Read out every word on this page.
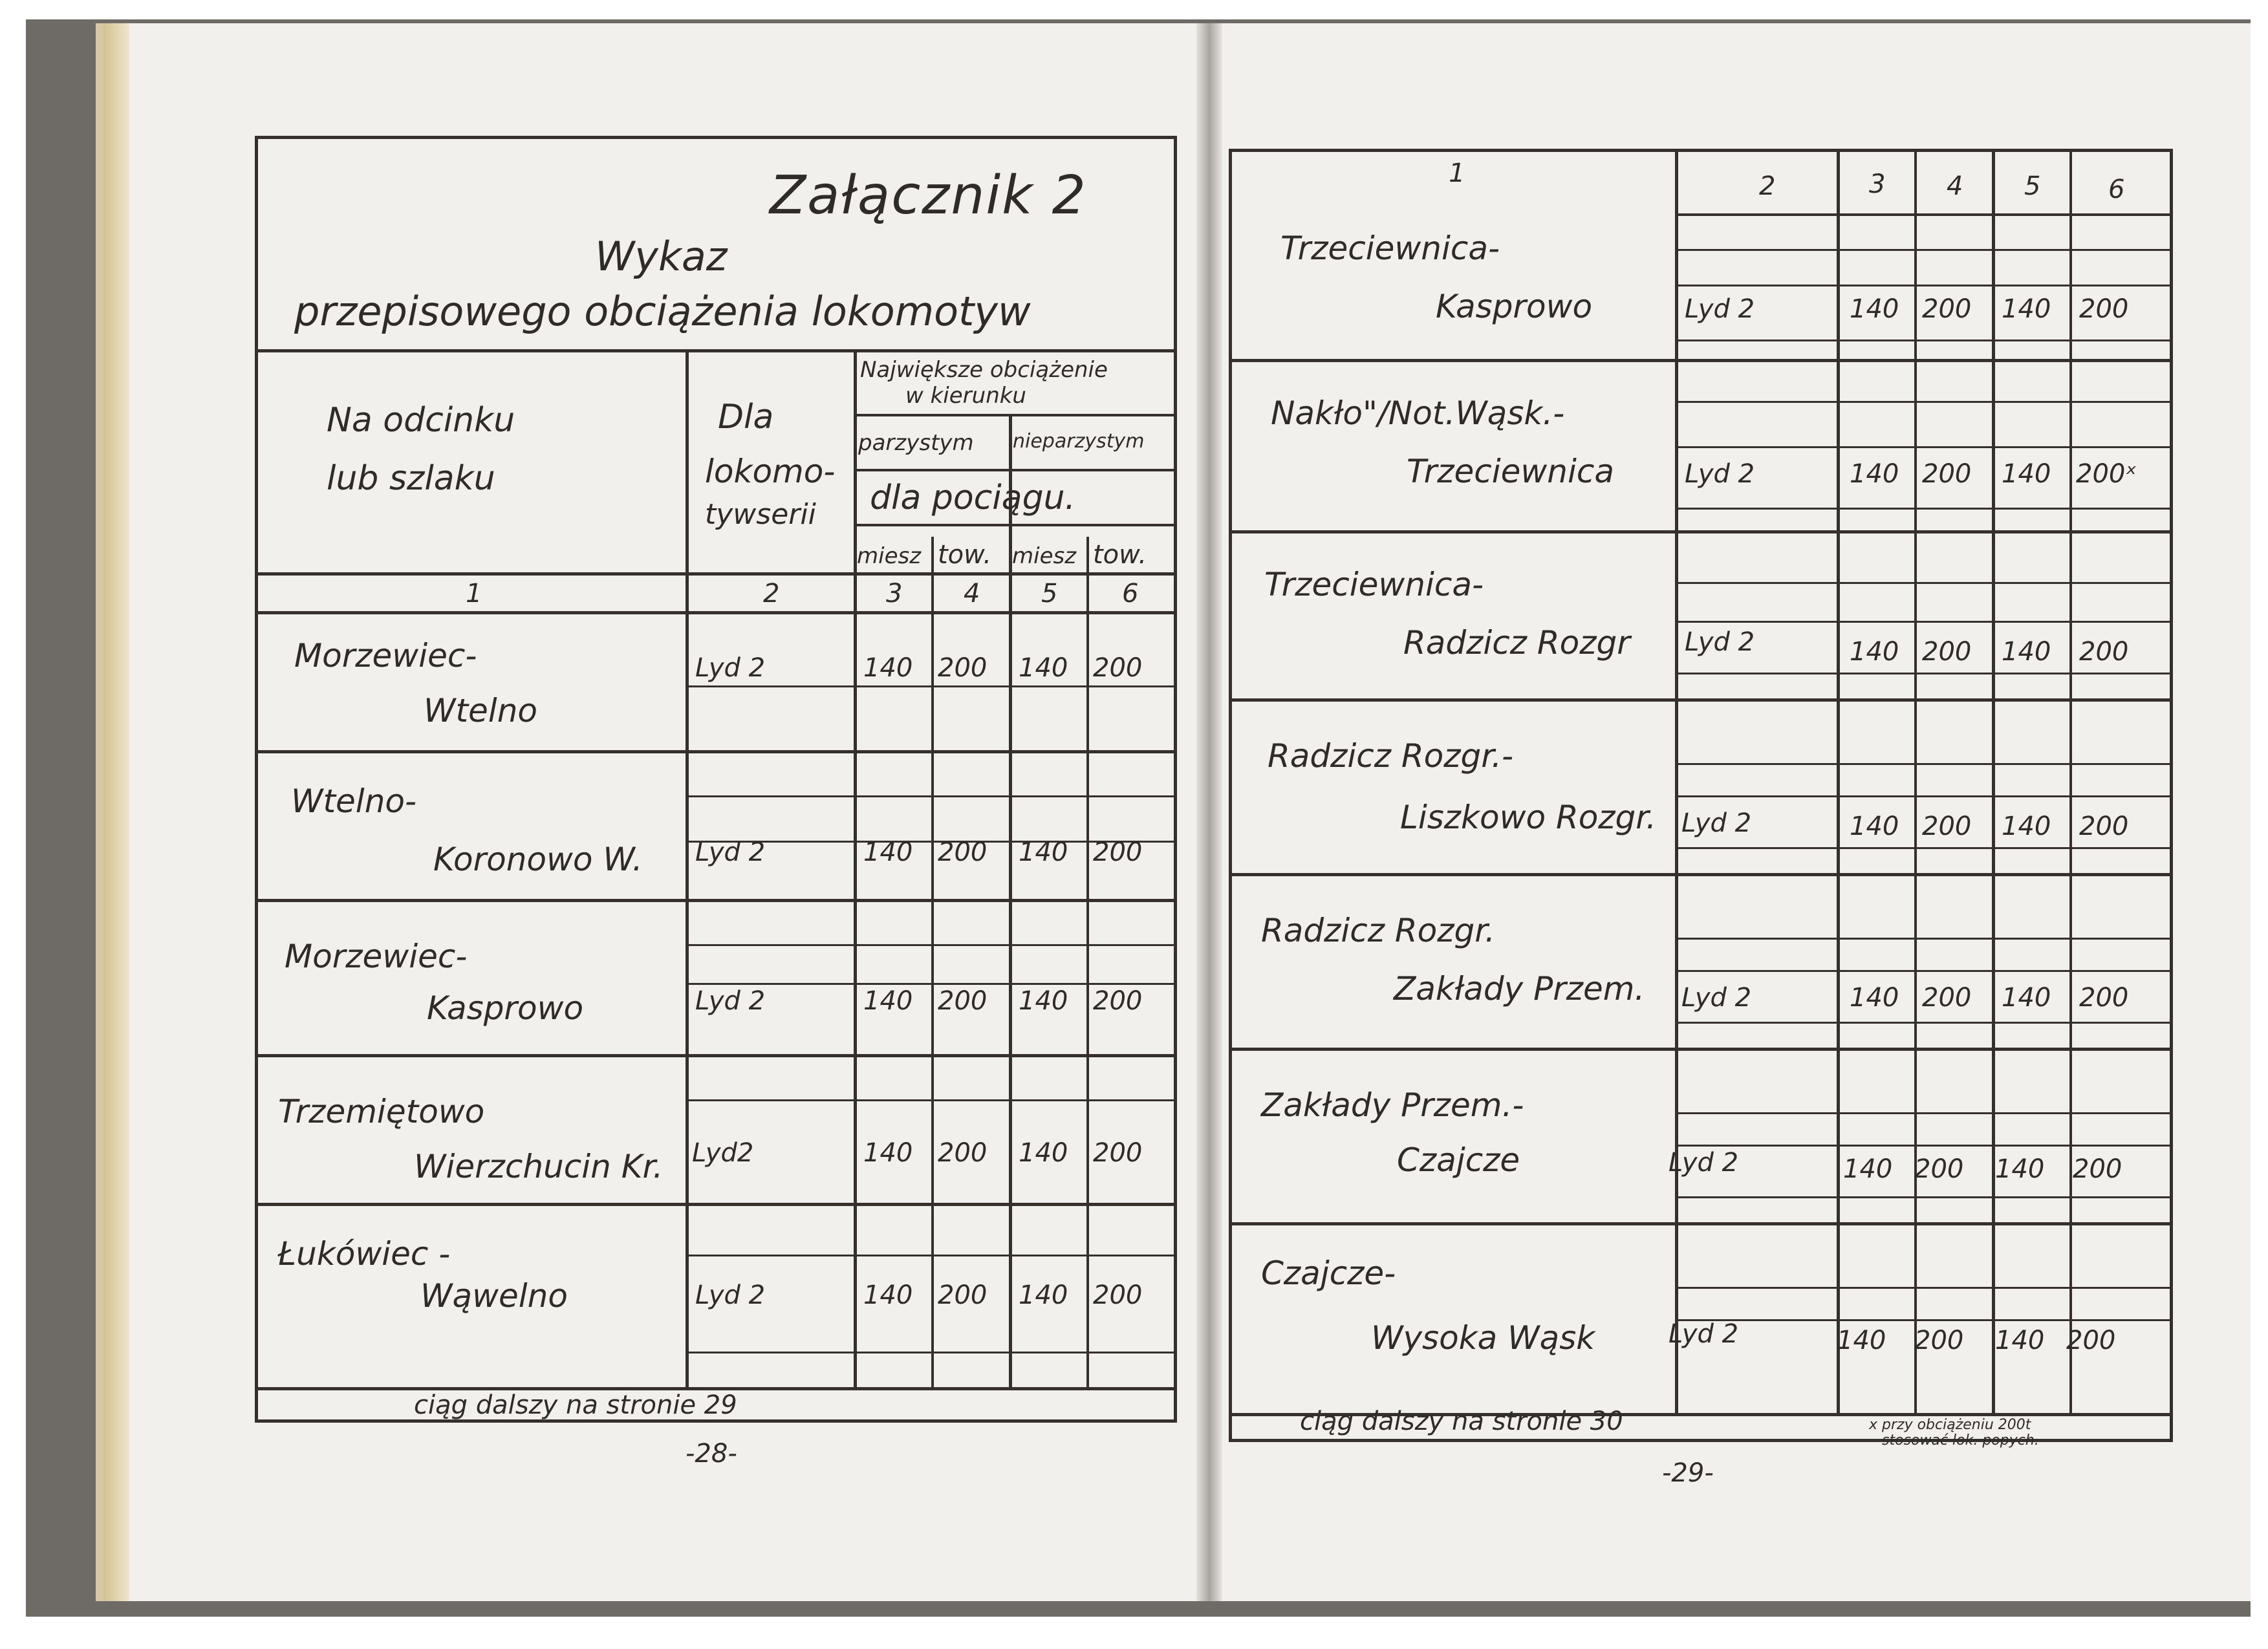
Załącznik 2
Wykaz
przepisowego obciążenia lokomotyw
Na odcinku
lub szlaku
Dla
lokomo-
tywserii
Największe obciążenie
w kierunku
parzystym nieparzystym
dla pociągu.
miesz tow. miesz tow.
1	2	3 4 5 6
Morzewiec-
Wtelno
Lyd 2	140 200 140 200
Wtelno-
Koronowo W. Lyd 2	140 200 140 200
Morzewiec-
Kasprowo	Lyd 2	140 200 140 200
Trzemiętowo
Wierzchucin Kr. Lyd2	140 200 140 200
Łukówiec -
Wąwelno	Lyd 2	140 200 140 200
ciąg dalszy na stronie 29
-28-
1	2	3 4 5	6
Trzeciewnica-
Kasprowo	Lyd 2	140 200 140 200
Nakło"/Not.Wąsk.-
Trzeciewnica	Lyd 2	140 200 140 200ˣ
Trzeciewnica-
Radzicz Rozgr Lyd 2	140 200 140 200
Radzicz Rozgr.-
Liszkowo Rozgr. Lyd 2	140 200 140 200
Radzicz Rozgr.
Zakłady Przem. Lyd 2	140 200 140 200
Zakłady Przem.-
Czajcze	Lyd 2	140 200 140 200
Czajcze-
Wysoka Wąsk	Lyd 2	140 200 140 200
ciąg dalszy na stronie 30	x przy obciążeniu 200t
stosować lok. popych.
-29-
